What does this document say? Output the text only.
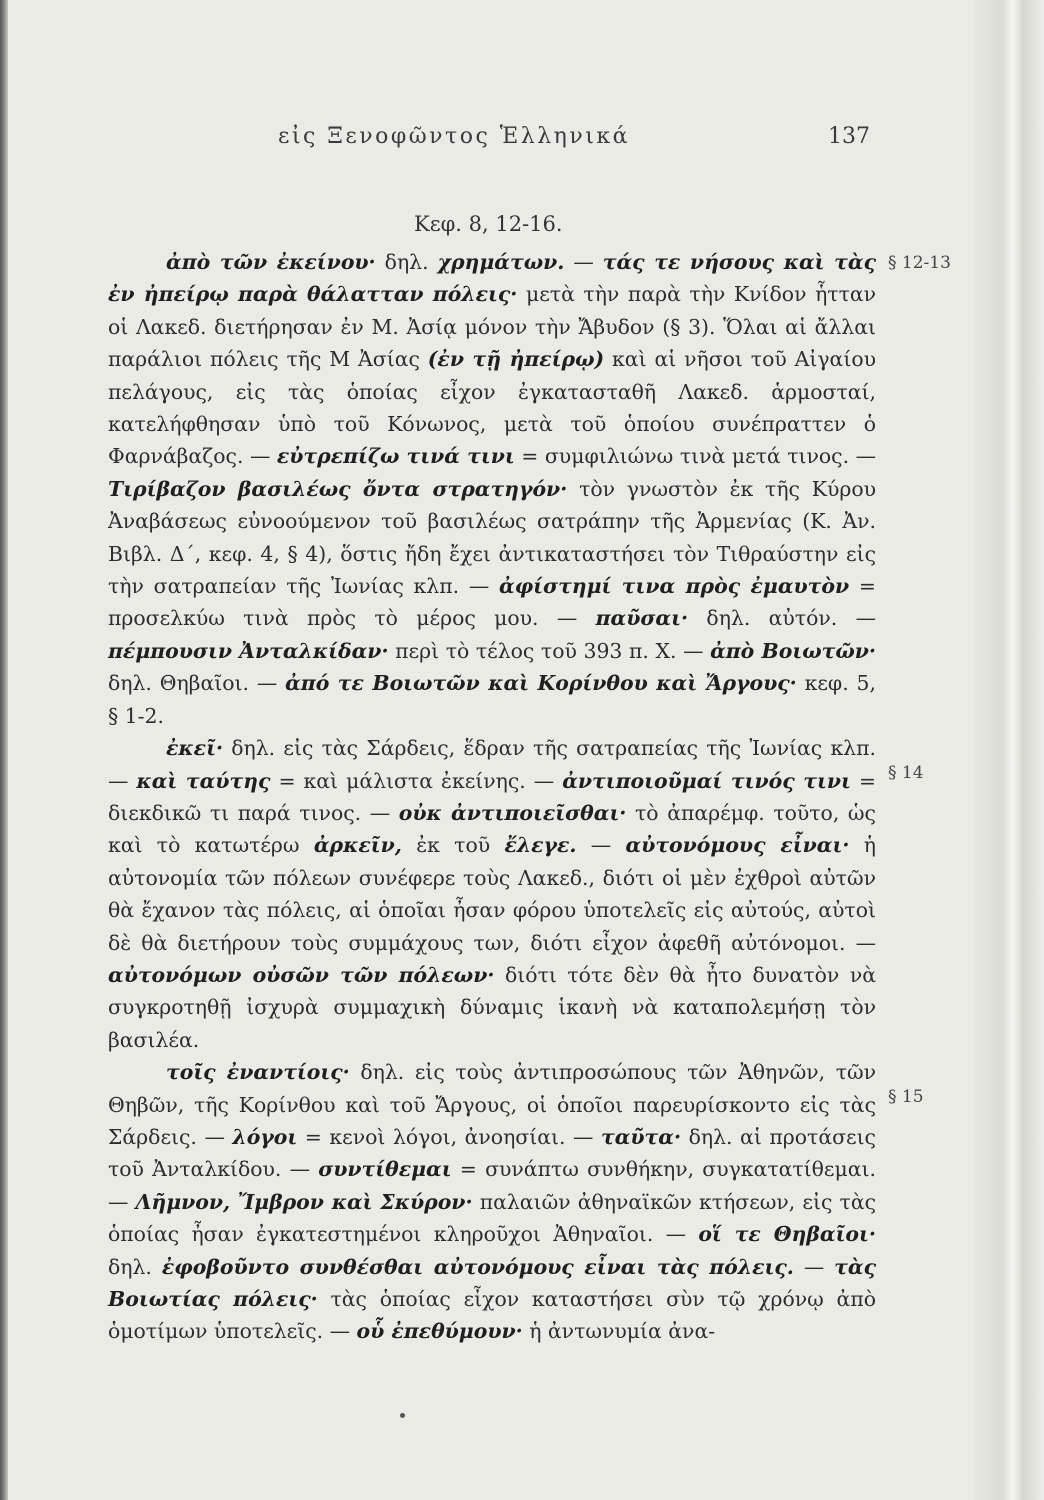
εἰς Ξενοφῶντος Ἑλληνικά	137
Κεφ. 8, 12-16.
§ 12-13
§ 14
§ 15

ἀπὸ τῶν ἐκείνου· δηλ. χρημάτων. — τάς τε νήσους καὶ τὰς ἐν ἠπείρῳ παρὰ θάλατταν πόλεις· μετὰ τὴν παρὰ τὴν Κνίδον ἧτταν οἱ Λακεδ. διετήρησαν ἐν Μ. Ἀσίᾳ μόνον τὴν Ἄβυδον (§ 3). Ὅλαι αἱ ἄλλαι παράλιοι πόλεις τῆς Μ Ἀσίας (ἐν τῇ ἠπείρῳ) καὶ αἱ νῆσοι τοῦ Αἰγαίου πελάγους, εἰς τὰς ὁποίας εἶχον ἐγκατασταθῆ Λακεδ. ἁρμοσταί, κατελήφθησαν ὑπὸ τοῦ Κόνωνος, μετὰ τοῦ ὁποίου συνέπραττεν ὁ Φαρνάβαζος. — εὐτρεπίζω τινά τινι = συμφιλιώνω τινὰ μετά τινος. — Τιρίβαζον βασιλέως ὄντα στρατηγόν· τὸν γνωστὸν ἐκ τῆς Κύρου Ἀναβάσεως εὐνοούμενον τοῦ βασιλέως σατράπην τῆς Ἀρμενίας (Κ. Ἀν. Βιβλ. Δ΄, κεφ. 4, § 4), ὅστις ἤδη ἔχει ἀντικαταστήσει τὸν Τιθραύστην εἰς τὴν σατραπείαν τῆς Ἰωνίας κλπ. — ἀφίστημί τινα πρὸς ἐμαυτὸν = προσελκύω τινὰ πρὸς τὸ μέρος μου. — παῦσαι· δηλ. αὐτόν. — πέμπουσιν Ἀνταλκίδαν· περὶ τὸ τέλος τοῦ 393 π. Χ. — ἀπὸ Βοιωτῶν· δηλ. Θηβαῖοι. — ἀπό τε Βοιωτῶν καὶ Κορίνθου καὶ Ἄργους· κεφ. 5, § 1-2.

ἐκεῖ· δηλ. εἰς τὰς Σάρδεις, ἕδραν τῆς σατραπείας τῆς Ἰωνίας κλπ. — καὶ ταύτης = καὶ μάλιστα ἐκείνης. — ἀντιποιοῦμαί τινός τινι = διεκδικῶ τι παρά τινος. — οὐκ ἀντιποιεῖσθαι· τὸ ἀπαρέμφ. τοῦτο, ὡς καὶ τὸ κατωτέρω ἀρκεῖν, ἐκ τοῦ ἔλεγε. — αὐτονόμους εἶναι· ἡ αὐτονομία τῶν πόλεων συνέφερε τοὺς Λακεδ., διότι οἱ μὲν ἐχθροὶ αὐτῶν θὰ ἔχανον τὰς πόλεις, αἱ ὁποῖαι ἦσαν φόρου ὑποτελεῖς εἰς αὐτούς, αὐτοὶ δὲ θὰ διετήρουν τοὺς συμμάχους των, διότι εἶχον ἀφεθῆ αὐτόνομοι. — αὐτονόμων οὐσῶν τῶν πόλεων· διότι τότε δὲν θὰ ἦτο δυνατὸν νὰ συγκροτηθῇ ἰσχυρὰ συμμαχικὴ δύναμις ἱκανὴ νὰ καταπολεμήσῃ τὸν βασιλέα.

τοῖς ἐναντίοις· δηλ. εἰς τοὺς ἀντιπροσώπους τῶν Ἀθηνῶν, τῶν Θηβῶν, τῆς Κορίνθου καὶ τοῦ Ἄργους, οἱ ὁποῖοι παρευρίσκοντο εἰς τὰς Σάρδεις. — λόγοι = κενοὶ λόγοι, ἀνοησίαι. — ταῦτα· δηλ. αἱ προτάσεις τοῦ Ἀνταλκίδου. — συντίθεμαι = συνάπτω συνθήκην, συγκατατίθεμαι. — Λῆμνον, Ἴμβρον καὶ Σκύρον· παλαιῶν ἀθηναϊκῶν κτήσεων, εἰς τὰς ὁποίας ἦσαν ἐγκατεστημένοι κληροῦχοι Ἀθηναῖοι. — οἵ τε Θηβαῖοι· δηλ. ἐφοβοῦντο συνθέσθαι αὐτονόμους εἶναι τὰς πόλεις. — τὰς Βοιωτίας πόλεις· τὰς ὁποίας εἶχον καταστήσει σὺν τῷ χρόνῳ ἀπὸ ὁμοτίμων ὑποτελεῖς. — οὗ ἐπεθύμουν· ἡ ἀντωνυμία ἀνα-
